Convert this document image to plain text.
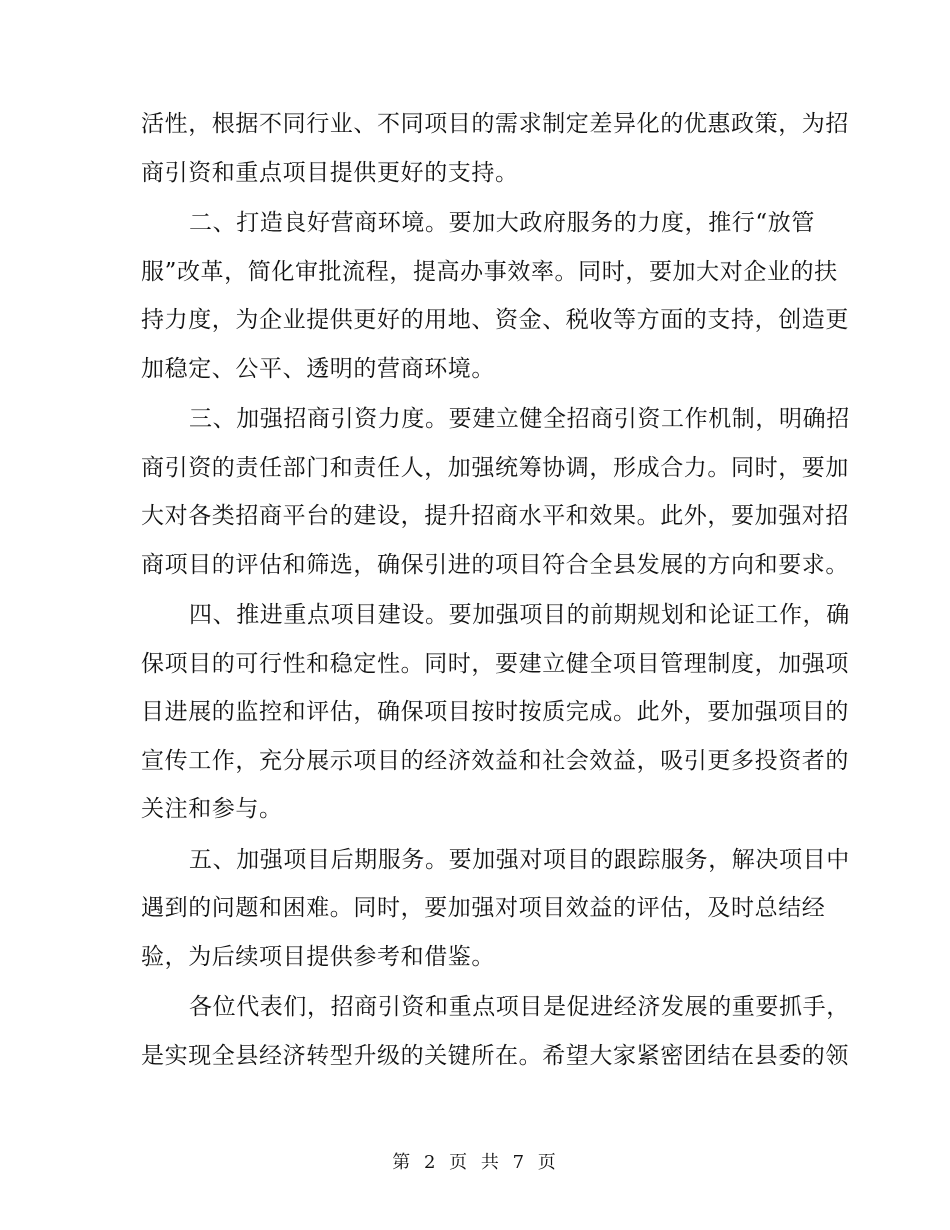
活性，根据不同行业、不同项目的需求制定差异化的优惠政策，为招
商引资和重点项目提供更好的支持。
二、打造良好营商环境。要加大政府服务的力度，推行“放管
服”改革，简化审批流程，提高办事效率。同时，要加大对企业的扶
持力度，为企业提供更好的用地、资金、税收等方面的支持，创造更
加稳定、公平、透明的营商环境。
三、加强招商引资力度。要建立健全招商引资工作机制，明确招
商引资的责任部门和责任人，加强统筹协调，形成合力。同时，要加
大对各类招商平台的建设，提升招商水平和效果。此外，要加强对招
商项目的评估和筛选，确保引进的项目符合全县发展的方向和要求。
四、推进重点项目建设。要加强项目的前期规划和论证工作，确
保项目的可行性和稳定性。同时，要建立健全项目管理制度，加强项
目进展的监控和评估，确保项目按时按质完成。此外，要加强项目的
宣传工作，充分展示项目的经济效益和社会效益，吸引更多投资者的
关注和参与。
五、加强项目后期服务。要加强对项目的跟踪服务，解决项目中
遇到的问题和困难。同时，要加强对项目效益的评估，及时总结经
验，为后续项目提供参考和借鉴。
各位代表们，招商引资和重点项目是促进经济发展的重要抓手，
是实现全县经济转型升级的关键所在。希望大家紧密团结在县委的领
第 2 页 共 7 页
